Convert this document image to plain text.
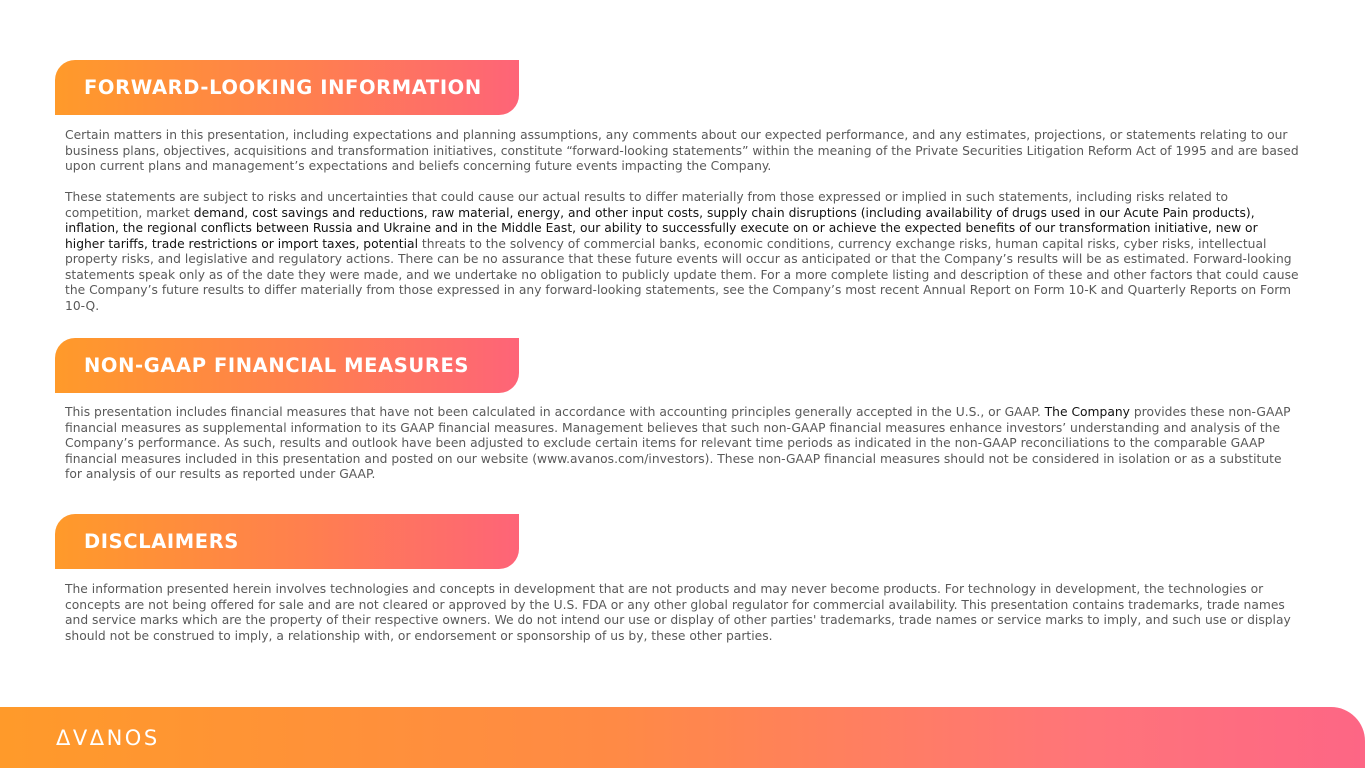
FORWARD-LOOKING INFORMATION

Certain matters in this presentation, including expectations and planning assumptions, any comments about our expected performance, and any estimates, projections, or statements relating to our business plans, objectives, acquisitions and transformation initiatives, constitute “forward-looking statements” within the meaning of the Private Securities Litigation Reform Act of 1995 and are based upon current plans and management’s expectations and beliefs concerning future events impacting the Company.

These statements are subject to risks and uncertainties that could cause our actual results to differ materially from those expressed or implied in such statements, including risks related to competition, market demand, cost savings and reductions, raw material, energy, and other input costs, supply chain disruptions (including availability of drugs used in our Acute Pain products), inflation, the regional conflicts between Russia and Ukraine and in the Middle East, our ability to successfully execute on or achieve the expected benefits of our transformation initiative, new or higher tariffs, trade restrictions or import taxes, potential threats to the solvency of commercial banks, economic conditions, currency exchange risks, human capital risks, cyber risks, intellectual property risks, and legislative and regulatory actions. There can be no assurance that these future events will occur as anticipated or that the Company’s results will be as estimated. Forward-looking statements speak only as of the date they were made, and we undertake no obligation to publicly update them. For a more complete listing and description of these and other factors that could cause the Company’s future results to differ materially from those expressed in any forward-looking statements, see the Company’s most recent Annual Report on Form 10-K and Quarterly Reports on Form 10-Q.

NON-GAAP FINANCIAL MEASURES

This presentation includes financial measures that have not been calculated in accordance with accounting principles generally accepted in the U.S., or GAAP. The Company provides these non-GAAP financial measures as supplemental information to its GAAP financial measures. Management believes that such non-GAAP financial measures enhance investors’ understanding and analysis of the Company’s performance. As such, results and outlook have been adjusted to exclude certain items for relevant time periods as indicated in the non-GAAP reconciliations to the comparable GAAP financial measures included in this presentation and posted on our website (www.avanos.com/investors). These non-GAAP financial measures should not be considered in isolation or as a substitute for analysis of our results as reported under GAAP.

DISCLAIMERS

The information presented herein involves technologies and concepts in development that are not products and may never become products. For technology in development, the technologies or concepts are not being offered for sale and are not cleared or approved by the U.S. FDA or any other global regulator for commercial availability. This presentation contains trademarks, trade names and service marks which are the property of their respective owners. We do not intend our use or display of other parties' trademarks, trade names or service marks to imply, and such use or display should not be construed to imply, a relationship with, or endorsement or sponsorship of us by, these other parties.

ΔVΔNOS
